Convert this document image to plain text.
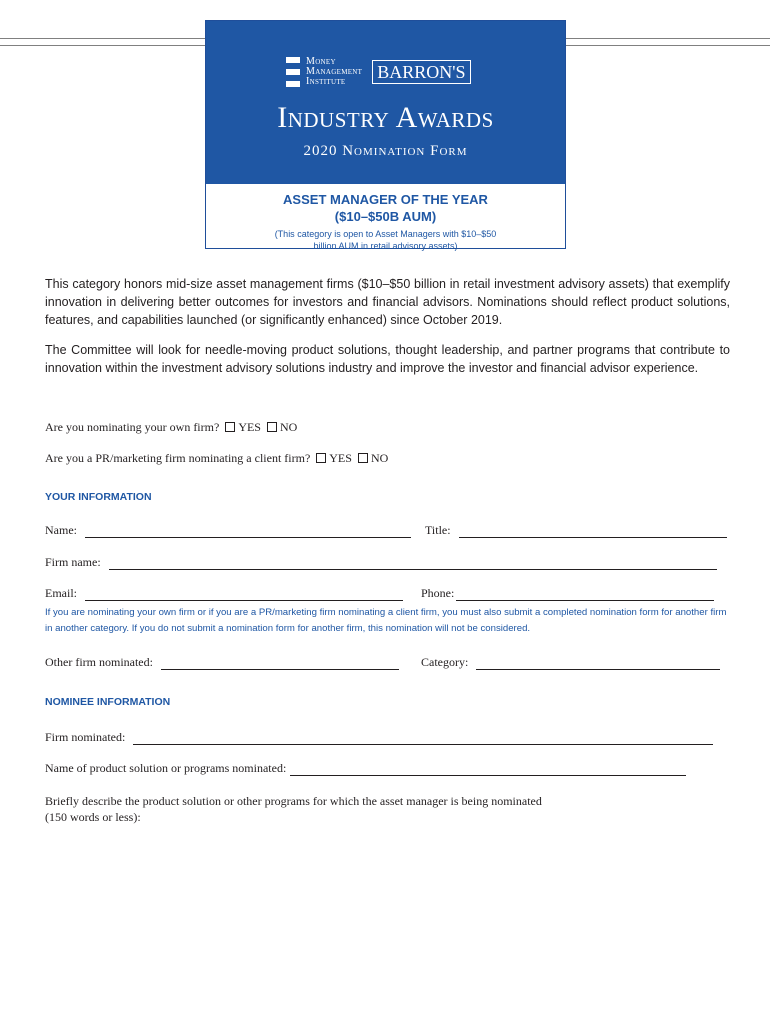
Money
Management
Institute	BARRON'S
Industry Awards
2020 Nomination Form
ASSET MANAGER OF THE YEAR
($10–$50B AUM)
(This category is open to Asset Managers with $10–$50 billion AUM in retail advisory assets)
This category honors mid-size asset management firms ($10–$50 billion in retail investment advisory assets) that exemplify innovation in delivering better outcomes for investors and financial advisors. Nominations should reflect product solutions, features, and capabilities launched (or significantly enhanced) since October 2019.
The Committee will look for needle-moving product solutions, thought leadership, and partner programs that contribute to innovation within the investment advisory solutions industry and improve the investor and financial advisor experience.
Are you nominating your own firm? YES NO
Are you a PR/marketing firm nominating a client firm? YES NO
YOUR INFORMATION
Name:	Title:
Firm name:
Email:	Phone:
If you are nominating your own firm or if you are a PR/marketing firm nominating a client firm, you must also submit a completed nomination form for another firm in another category. If you do not submit a nomination form for another firm, this nomination will not be considered.
Other firm nominated:	Category:
NOMINEE INFORMATION
Firm nominated:
Name of product solution or programs nominated:
Briefly describe the product solution or other programs for which the asset manager is being nominated
(150 words or less):
